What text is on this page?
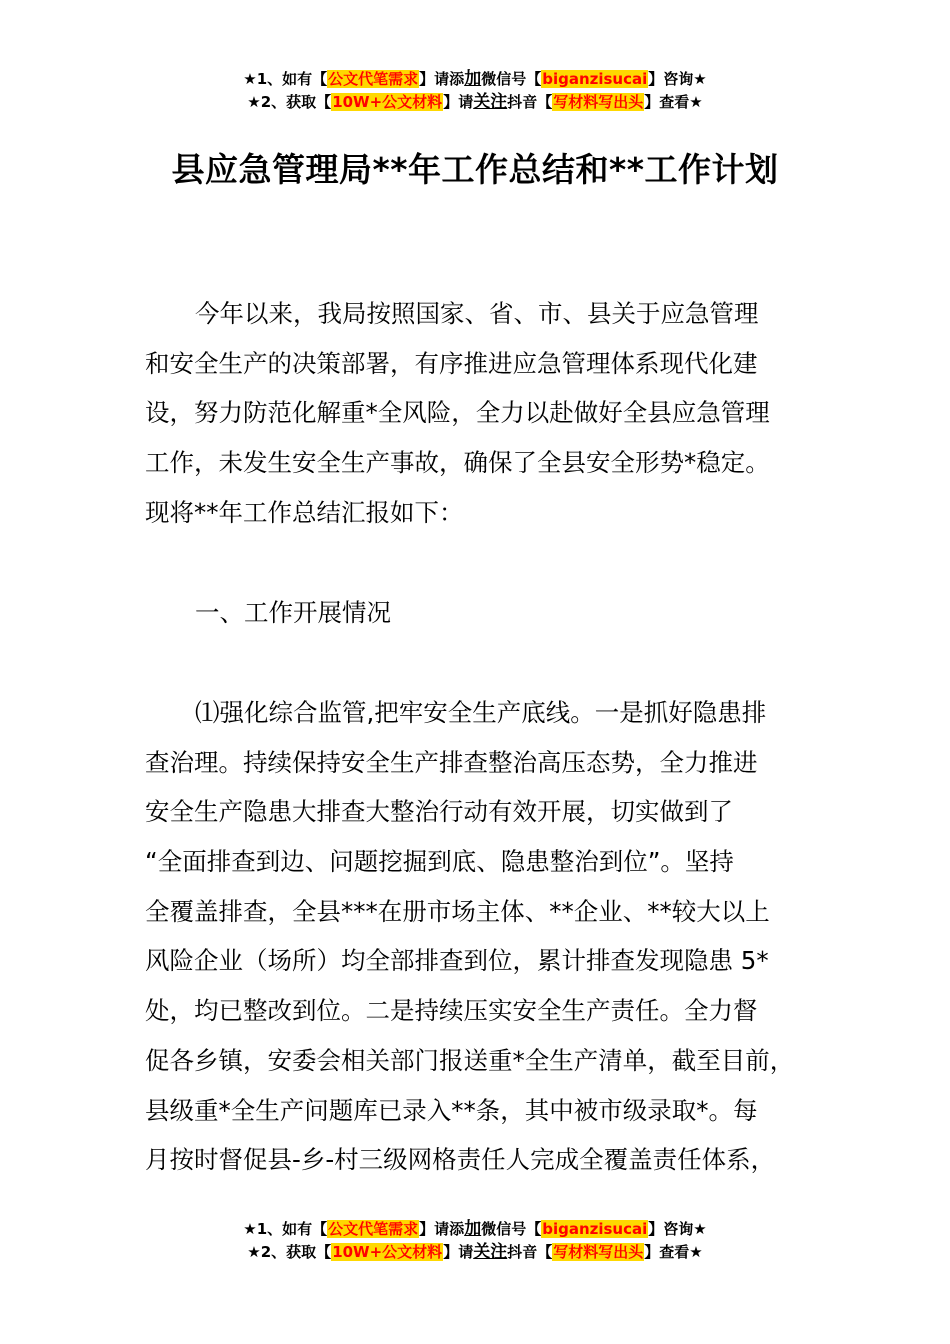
★1、如有【公文代笔需求】请添加微信号【biganzisucai】咨询★
★2、获取【10W+公文材料】请关注抖音【写材料写出头】查看★
县应急管理局**年工作总结和**工作计划
今年以来，我局按照国家、省、市、县关于应急管理
和安全生产的决策部署，有序推进应急管理体系现代化建
设，努力防范化解重*全风险，全力以赴做好全县应急管理
工作，未发生安全生产事故，确保了全县安全形势*稳定。
现将**年工作总结汇报如下：
一、工作开展情况
⑴强化综合监管,把牢安全生产底线。一是抓好隐患排
查治理。持续保持安全生产排查整治高压态势，全力推进
安全生产隐患大排查大整治行动有效开展，切实做到了
“全面排查到边、问题挖掘到底、隐患整治到位”。坚持
全覆盖排查，全县***在册市场主体、**企业、**较大以上
风险企业（场所）均全部排查到位，累计排查发现隐患 5*
处，均已整改到位。二是持续压实安全生产责任。全力督
促各乡镇，安委会相关部门报送重*全生产清单，截至目前，
县级重*全生产问题库已录入**条，其中被市级录取*。每
月按时督促县-乡-村三级网格责任人完成全覆盖责任体系，
★1、如有【公文代笔需求】请添加微信号【biganzisucai】咨询★
★2、获取【10W+公文材料】请关注抖音【写材料写出头】查看★
